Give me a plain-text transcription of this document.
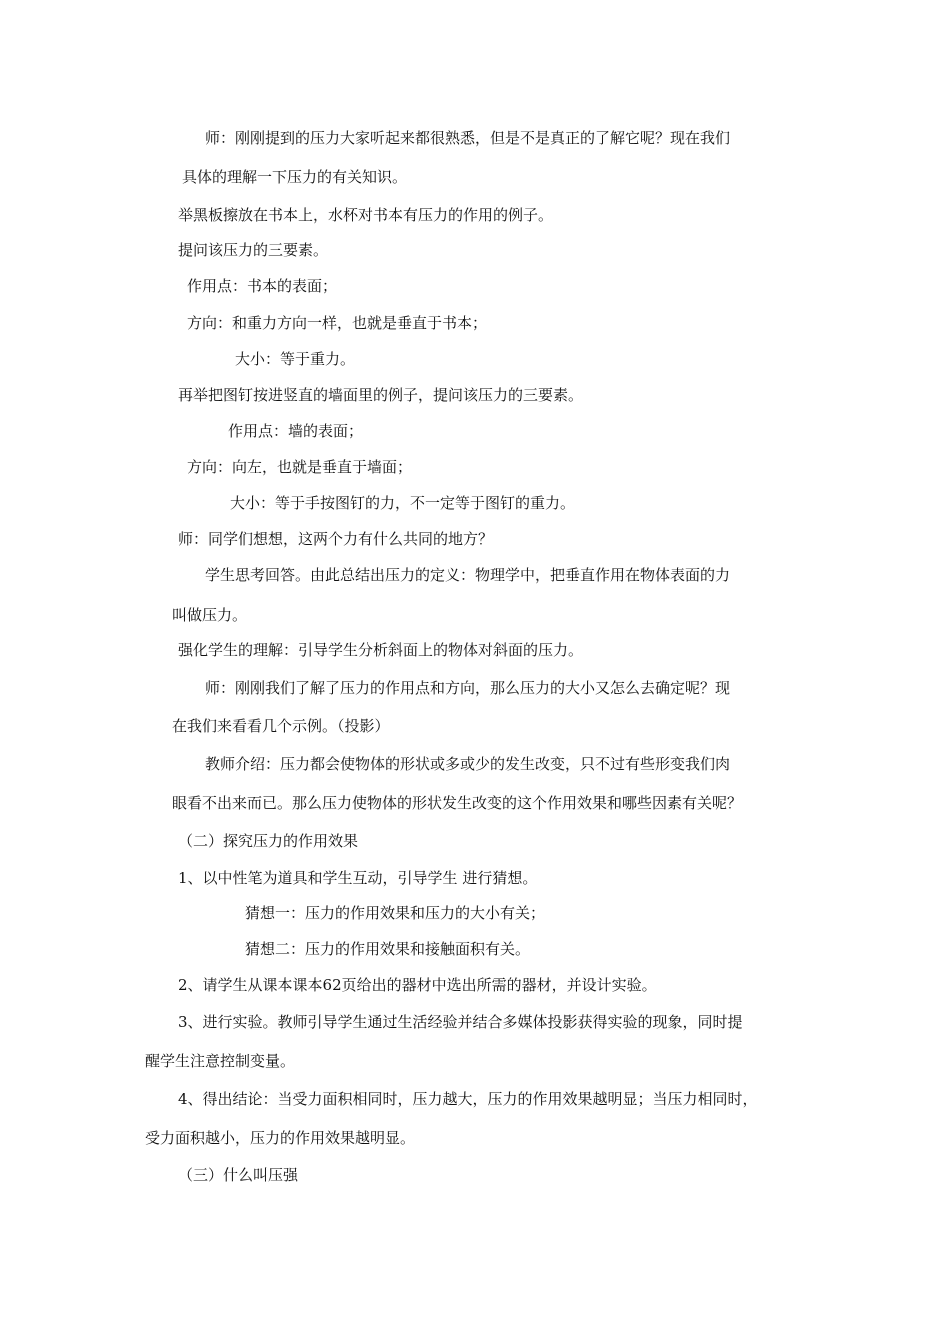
师：刚刚提到的压力大家听起来都很熟悉，但是不是真正的了解它呢？现在我们
具体的理解一下压力的有关知识。
举黑板擦放在书本上，水杯对书本有压力的作用的例子。
提问该压力的三要素。
作用点：书本的表面；
方向：和重力方向一样，也就是垂直于书本；
大小：等于重力。
再举把图钉按进竖直的墙面里的例子，提问该压力的三要素。
作用点：墙的表面；
方向：向左，也就是垂直于墙面；
大小：等于手按图钉的力，不一定等于图钉的重力。
师：同学们想想，这两个力有什么共同的地方？
学生思考回答。由此总结出压力的定义：物理学中，把垂直作用在物体表面的力
叫做压力。
强化学生的理解：引导学生分析斜面上的物体对斜面的压力。
师：刚刚我们了解了压力的作用点和方向，那么压力的大小又怎么去确定呢？现
在我们来看看几个示例。（投影）
教师介绍：压力都会使物体的形状或多或少的发生改变，只不过有些形变我们肉
眼看不出来而已。那么压力使物体的形状发生改变的这个作用效果和哪些因素有关呢？
（二）探究压力的作用效果
1、以中性笔为道具和学生互动，引导学生 进行猜想。
猜想一：压力的作用效果和压力的大小有关；
猜想二：压力的作用效果和接触面积有关。
2、请学生从课本课本62页给出的器材中选出所需的器材，并设计实验。
3、进行实验。教师引导学生通过生活经验并结合多媒体投影获得实验的现象，同时提
醒学生注意控制变量。
4、得出结论：当受力面积相同时，压力越大，压力的作用效果越明显；当压力相同时，
受力面积越小，压力的作用效果越明显。
（三）什么叫压强
